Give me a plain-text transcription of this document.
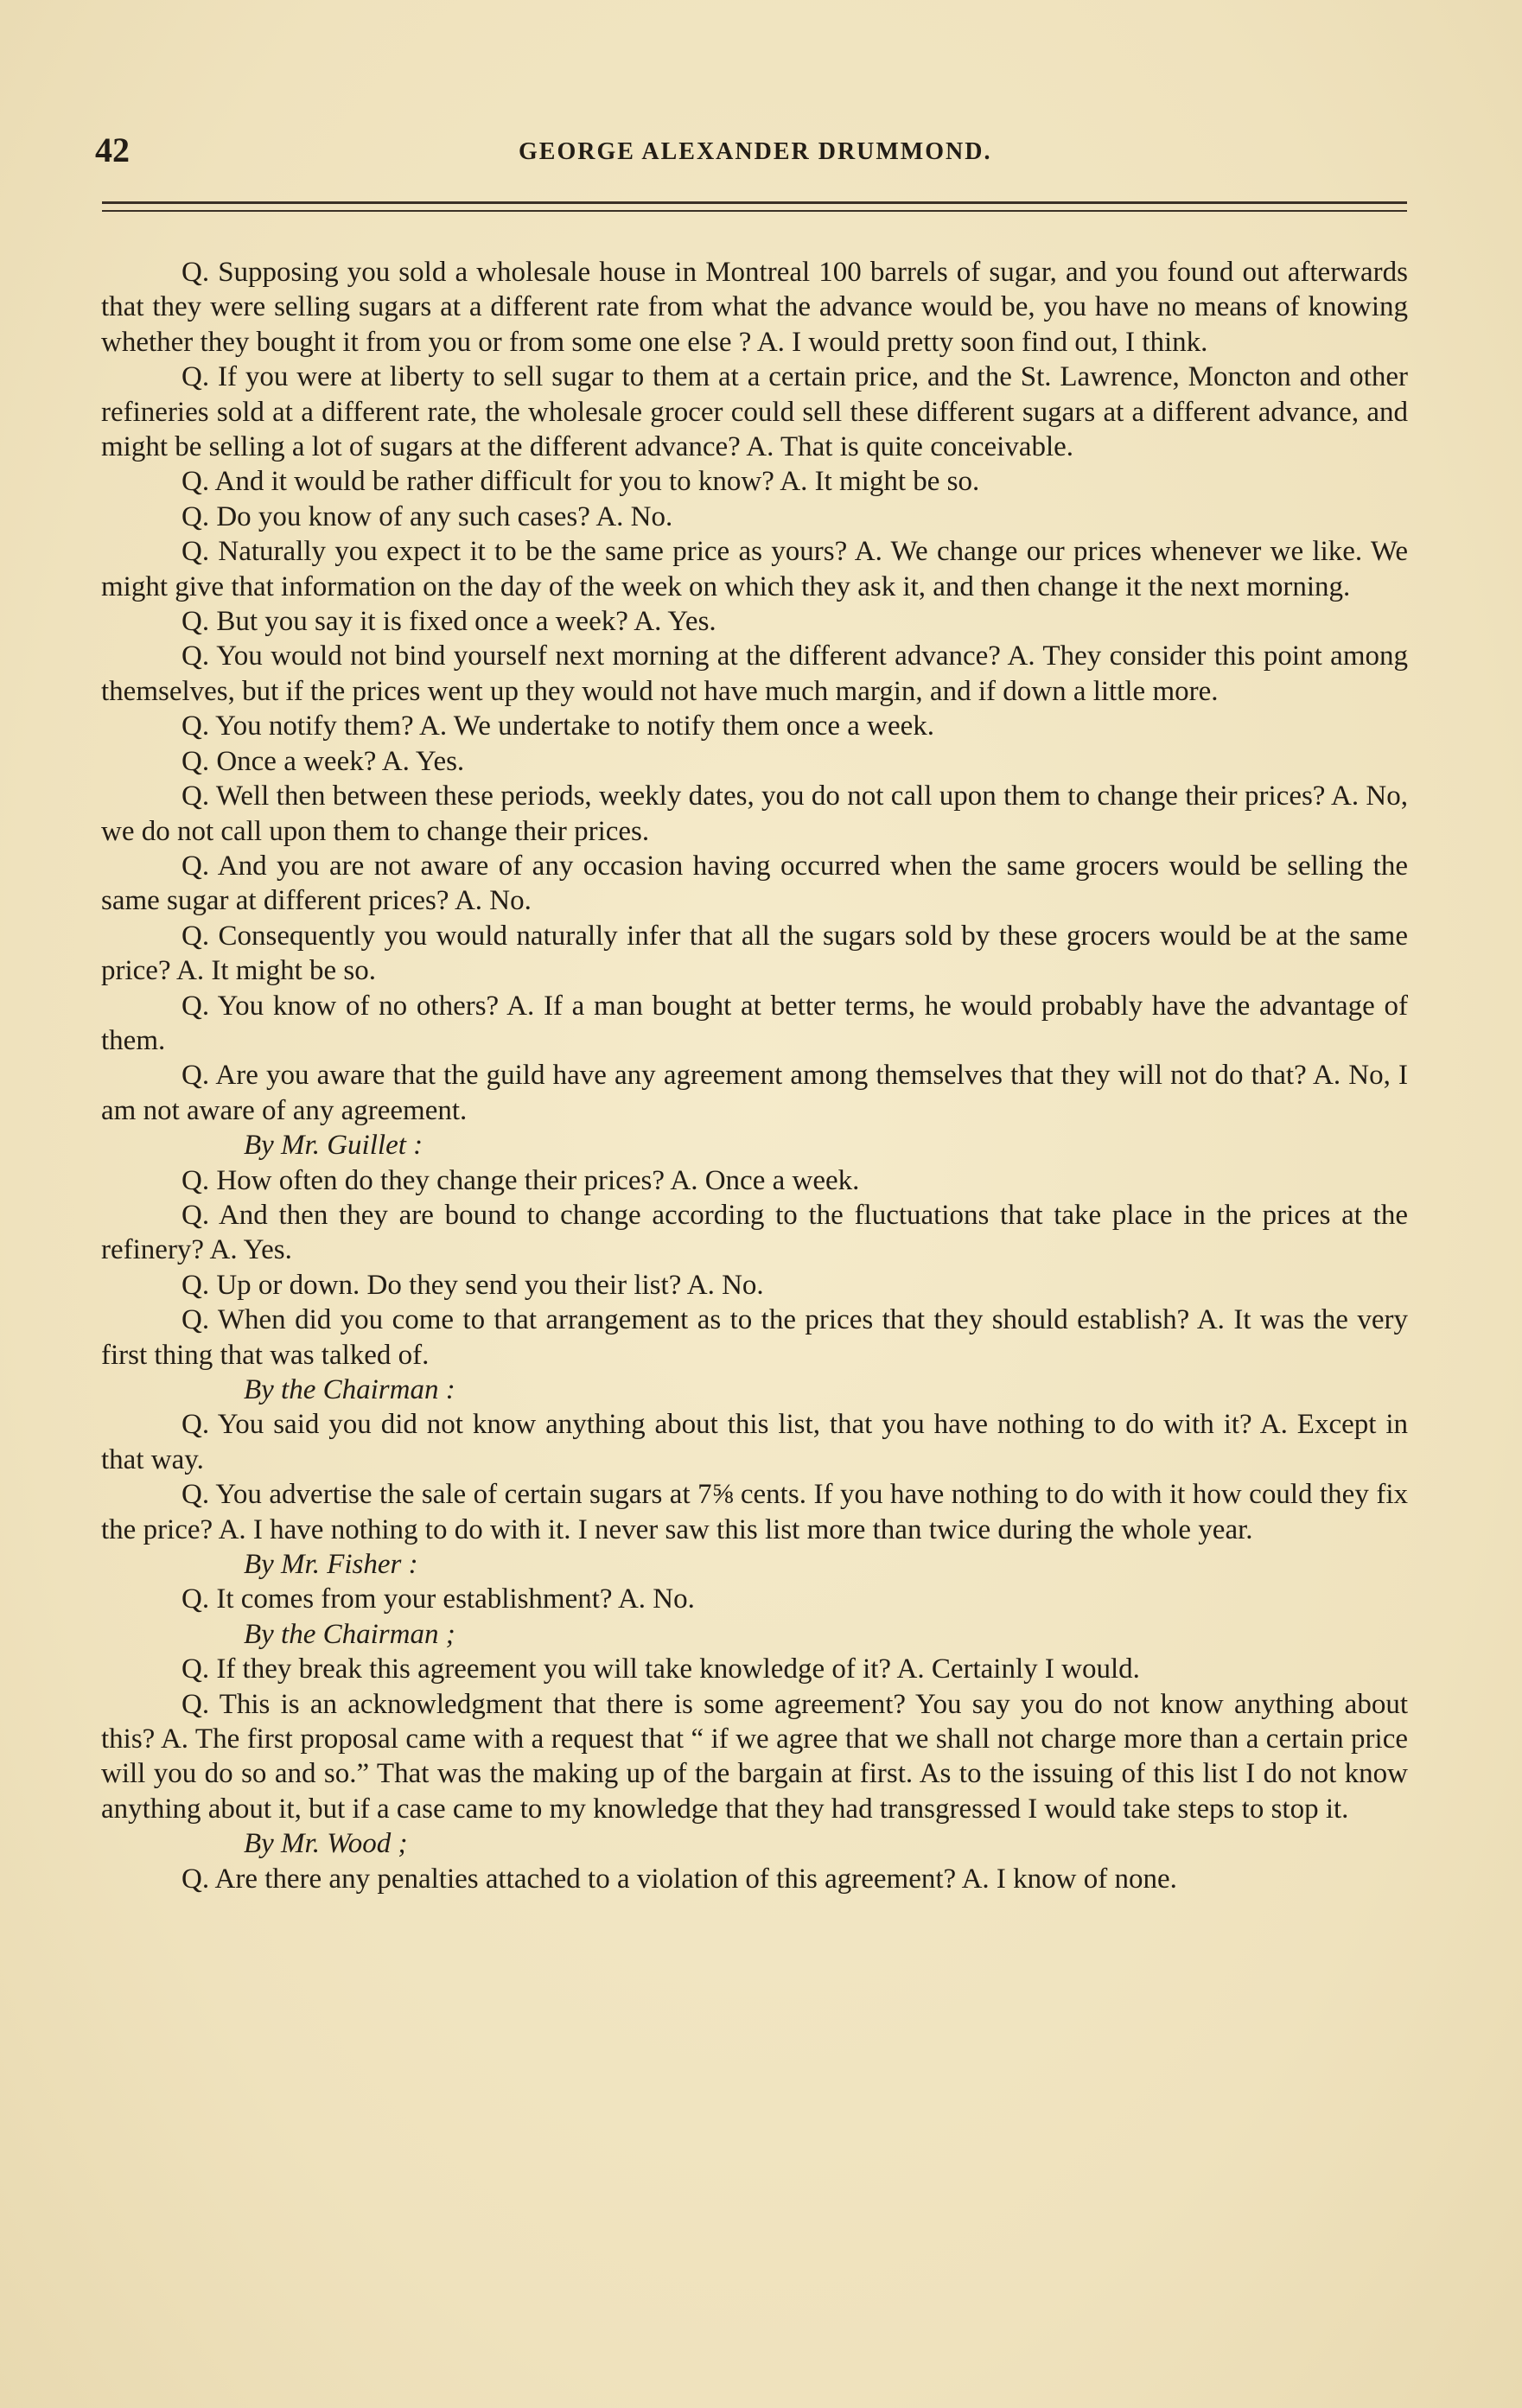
42	GEORGE ALEXANDER DRUMMOND.

Q. Supposing you sold a wholesale house in Montreal 100 barrels of sugar, and you found out afterwards that they were selling sugars at a different rate from what the advance would be, you have no means of knowing whether they bought it from you or from some one else ? A. I would pretty soon find out, I think.

Q. If you were at liberty to sell sugar to them at a certain price, and the St. Lawrence, Moncton and other refineries sold at a different rate, the wholesale grocer could sell these different sugars at a different advance, and might be selling a lot of sugars at the different advance? A. That is quite conceivable.

Q. And it would be rather difficult for you to know? A. It might be so.

Q. Do you know of any such cases? A. No.

Q. Naturally you expect it to be the same price as yours? A. We change our prices whenever we like. We might give that information on the day of the week on which they ask it, and then change it the next morning.

Q. But you say it is fixed once a week? A. Yes.

Q. You would not bind yourself next morning at the different advance? A. They consider this point among themselves, but if the prices went up they would not have much margin, and if down a little more.

Q. You notify them? A. We undertake to notify them once a week.

Q. Once a week? A. Yes.

Q. Well then between these periods, weekly dates, you do not call upon them to change their prices? A. No, we do not call upon them to change their prices.

Q. And you are not aware of any occasion having occurred when the same grocers would be selling the same sugar at different prices? A. No.

Q. Consequently you would naturally infer that all the sugars sold by these grocers would be at the same price? A. It might be so.

Q. You know of no others? A. If a man bought at better terms, he would probably have the advantage of them.

Q. Are you aware that the guild have any agreement among themselves that they will not do that? A. No, I am not aware of any agreement.

By Mr. Guillet :

Q. How often do they change their prices? A. Once a week.

Q. And then they are bound to change according to the fluctuations that take place in the prices at the refinery? A. Yes.

Q. Up or down. Do they send you their list? A. No.

Q. When did you come to that arrangement as to the prices that they should establish? A. It was the very first thing that was talked of.

By the Chairman :

Q. You said you did not know anything about this list, that you have nothing to do with it? A. Except in that way.

Q. You advertise the sale of certain sugars at 7⅝ cents. If you have nothing to do with it how could they fix the price? A. I have nothing to do with it. I never saw this list more than twice during the whole year.

By Mr. Fisher :

Q. It comes from your establishment? A. No.

By the Chairman ;

Q. If they break this agreement you will take knowledge of it? A. Certainly I would.

Q. This is an acknowledgment that there is some agreement? You say you do not know anything about this? A. The first proposal came with a request that “ if we agree that we shall not charge more than a certain price will you do so and so.” That was the making up of the bargain at first. As to the issuing of this list I do not know anything about it, but if a case came to my knowledge that they had transgressed I would take steps to stop it.

By Mr. Wood ;

Q. Are there any penalties attached to a violation of this agreement? A. I know of none.
